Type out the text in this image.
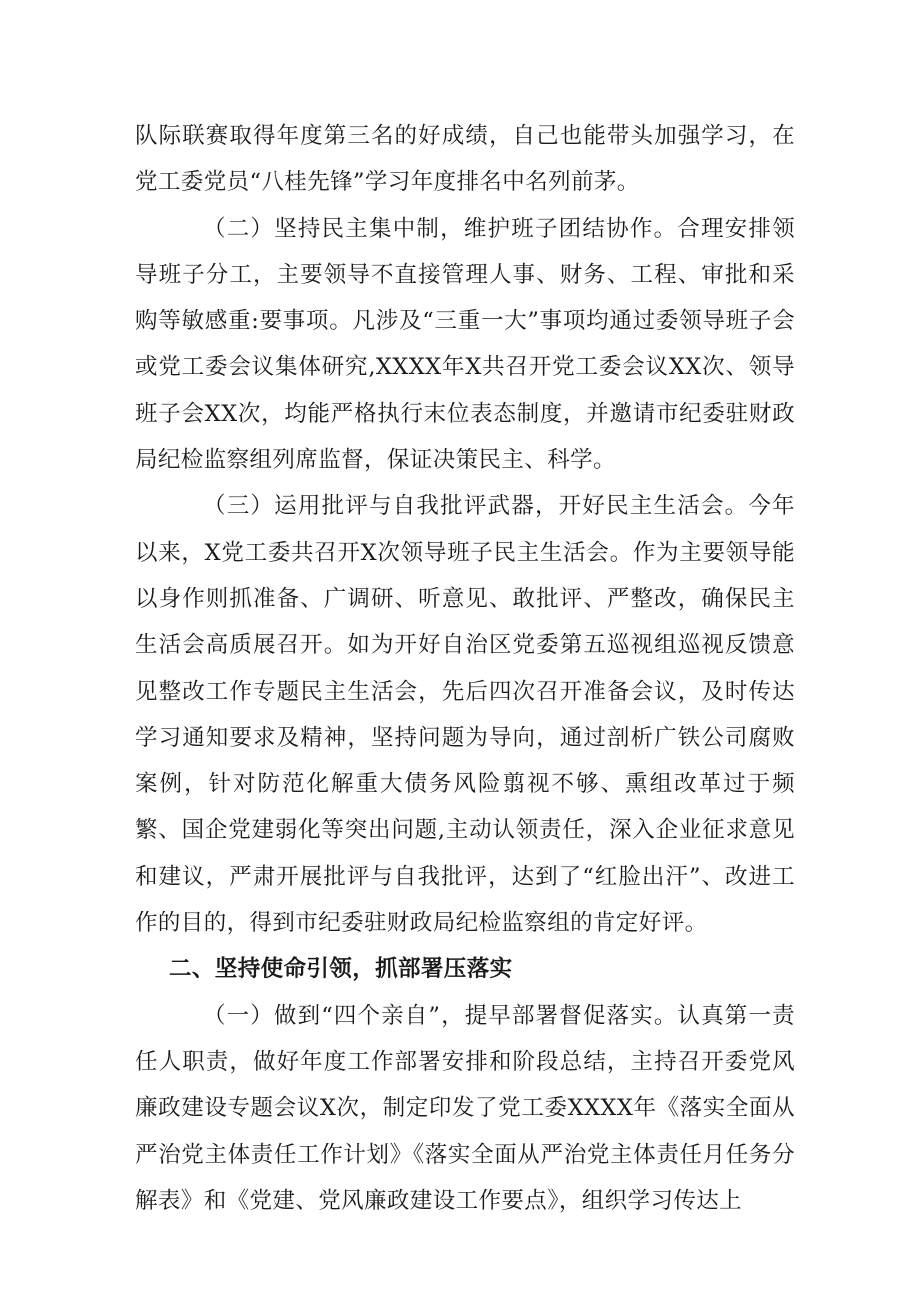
队际联赛取得年度第三名的好成绩，自己也能带头加强学习，在党工委党员“八桂先锋”学习年度排名中名列前茅。

（二）坚持民主集中制，维护班子团结协作。合理安排领导班子分工，主要领导不直接管理人事、财务、工程、审批和采购等敏感重:要事项。凡涉及“三重一大”事项均通过委领导班子会或党工委会议集体研究,XXXX年X共召开党工委会议XX次、领导班子会XX次，均能严格执行末位表态制度，并邀请市纪委驻财政局纪检监察组列席监督，保证决策民主、科学。

（三）运用批评与自我批评武器，开好民主生活会。今年以来，X党工委共召开X次领导班子民主生活会。作为主要领导能以身作则抓准备、广调研、听意见、敢批评、严整改，确保民主生活会高质展召开。如为开好自治区党委第五巡视组巡视反馈意见整改工作专题民主生活会，先后四次召开准备会议，及时传达学习通知要求及精神，坚持问题为导向，通过剖析广铁公司腐败案例，针对防范化解重大债务风险翦视不够、熏组改革过于频繁、国企党建弱化等突出问题,主动认领责任，深入企业征求意见和建议，严肃开展批评与自我批评，达到了“红脸出汗”、改进工作的目的，得到市纪委驻财政局纪检监察组的肯定好评。

二、坚持使命引领，抓部署压落实

（一）做到“四个亲自”，提早部署督促落实。认真第一责任人职责，做好年度工作部署安排和阶段总结，主持召开委党风廉政建设专题会议X次，制定印发了党工委XXXX年《落实全面从严治党主体责任工作计划》《落实全面从严治党主体责任月任务分解表》和《党建、党风廉政建设工作要点》，组织学习传达上
